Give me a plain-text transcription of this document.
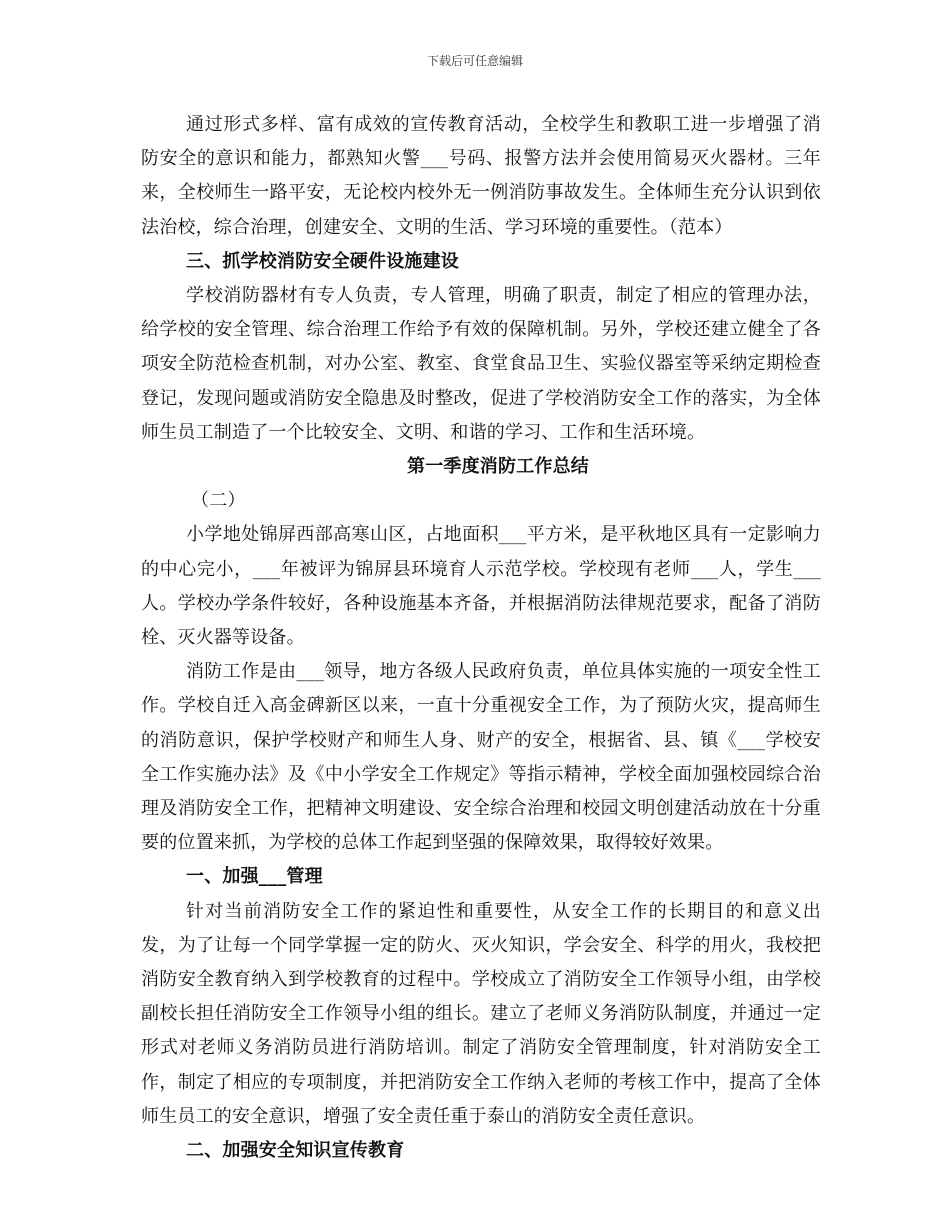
下载后可任意编辑

通过形式多样、富有成效的宣传教育活动，全校学生和教职工进一步增强了消防安全的意识和能力，都熟知火警___号码、报警方法并会使用简易灭火器材。三年来，全校师生一路平安，无论校内校外无一例消防事故发生。全体师生充分认识到依法治校，综合治理，创建安全、文明的生活、学习环境的重要性。（范本）

三、抓学校消防安全硬件设施建设

学校消防器材有专人负责，专人管理，明确了职责，制定了相应的管理办法，给学校的安全管理、综合治理工作给予有效的保障机制。另外，学校还建立健全了各项安全防范检查机制，对办公室、教室、食堂食品卫生、实验仪器室等采纳定期检查登记，发现问题或消防安全隐患及时整改，促进了学校消防安全工作的落实，为全体师生员工制造了一个比较安全、文明、和谐的学习、工作和生活环境。

第一季度消防工作总结

（二）

小学地处锦屏西部高寒山区，占地面积___平方米，是平秋地区具有一定影响力的中心完小，___年被评为锦屏县环境育人示范学校。学校现有老师___人，学生___人。学校办学条件较好，各种设施基本齐备，并根据消防法律规范要求，配备了消防栓、灭火器等设备。

消防工作是由___领导，地方各级人民政府负责，单位具体实施的一项安全性工作。学校自迁入高金碑新区以来，一直十分重视安全工作，为了预防火灾，提高师生的消防意识，保护学校财产和师生人身、财产的安全，根据省、县、镇《___学校安全工作实施办法》及《中小学安全工作规定》等指示精神，学校全面加强校园综合治理及消防安全工作，把精神文明建设、安全综合治理和校园文明创建活动放在十分重要的位置来抓，为学校的总体工作起到坚强的保障效果，取得较好效果。

一、加强___管理

针对当前消防安全工作的紧迫性和重要性，从安全工作的长期目的和意义出发，为了让每一个同学掌握一定的防火、灭火知识，学会安全、科学的用火，我校把消防安全教育纳入到学校教育的过程中。学校成立了消防安全工作领导小组，由学校副校长担任消防安全工作领导小组的组长。建立了老师义务消防队制度，并通过一定形式对老师义务消防员进行消防培训。制定了消防安全管理制度，针对消防安全工作，制定了相应的专项制度，并把消防安全工作纳入老师的考核工作中，提高了全体师生员工的安全意识，增强了安全责任重于泰山的消防安全责任意识。

二、加强安全知识宣传教育
